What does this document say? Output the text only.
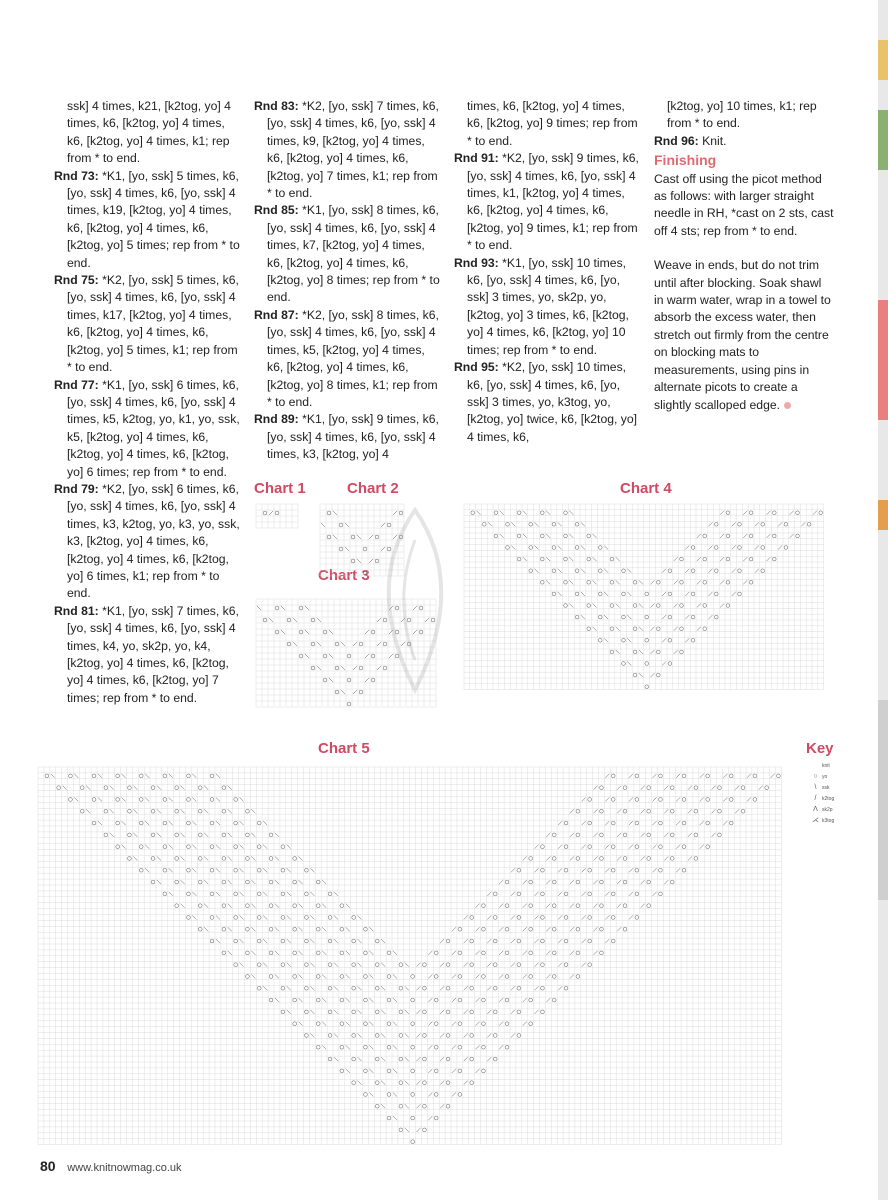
ssk] 4 times, k21, [k2tog, yo] 4 times, k6, [k2tog, yo] 4 times, k6, [k2tog, yo] 4 times, k1; rep from * to end.

Rnd 73: *K1, [yo, ssk] 5 times, k6, [yo, ssk] 4 times, k6, [yo, ssk] 4 times, k19, [k2tog, yo] 4 times, k6, [k2tog, yo] 4 times, k6, [k2tog, yo] 5 times; rep from * to end.

Rnd 75: *K2, [yo, ssk] 5 times, k6, [yo, ssk] 4 times, k6, [yo, ssk] 4 times, k17, [k2tog, yo] 4 times, k6, [k2tog, yo] 4 times, k6, [k2tog, yo] 5 times, k1; rep from * to end.

Rnd 77: *K1, [yo, ssk] 6 times, k6, [yo, ssk] 4 times, k6, [yo, ssk] 4 times, k5, k2tog, yo, k1, yo, ssk, k5, [k2tog, yo] 4 times, k6, [k2tog, yo] 4 times, k6, [k2tog, yo] 6 times; rep from * to end.

Rnd 79: *K2, [yo, ssk] 6 times, k6, [yo, ssk] 4 times, k6, [yo, ssk] 4 times, k3, k2tog, yo, k3, yo, ssk, k3, [k2tog, yo] 4 times, k6, [k2tog, yo] 4 times, k6, [k2tog, yo] 6 times, k1; rep from * to end.

Rnd 81: *K1, [yo, ssk] 7 times, k6, [yo, ssk] 4 times, k6, [yo, ssk] 4 times, k4, yo, sk2p, yo, k4, [k2tog, yo] 4 times, k6, [k2tog, yo] 4 times, k6, [k2tog, yo] 7 times; rep from * to end.

Rnd 83: *K2, [yo, ssk] 7 times, k6, [yo, ssk] 4 times, k6, [yo, ssk] 4 times, k9, [k2tog, yo] 4 times, k6, [k2tog, yo] 4 times, k6, [k2tog, yo] 7 times, k1; rep from * to end.

Rnd 85: *K1, [yo, ssk] 8 times, k6, [yo, ssk] 4 times, k6, [yo, ssk] 4 times, k7, [k2tog, yo] 4 times, k6, [k2tog, yo] 4 times, k6, [k2tog, yo] 8 times; rep from * to end.

Rnd 87: *K2, [yo, ssk] 8 times, k6, [yo, ssk] 4 times, k6, [yo, ssk] 4 times, k5, [k2tog, yo] 4 times, k6, [k2tog, yo] 4 times, k6, [k2tog, yo] 8 times, k1; rep from * to end.

Rnd 89: *K1, [yo, ssk] 9 times, k6, [yo, ssk] 4 times, k6, [yo, ssk] 4 times, k3, [k2tog, yo] 4

times, k6, [k2tog, yo] 4 times, k6, [k2tog, yo] 9 times; rep from * to end.

Rnd 91: *K2, [yo, ssk] 9 times, k6, [yo, ssk] 4 times, k6, [yo, ssk] 4 times, k1, [k2tog, yo] 4 times, k6, [k2tog, yo] 4 times, k6, [k2tog, yo] 9 times, k1; rep from * to end.

Rnd 93: *K1, [yo, ssk] 10 times, k6, [yo, ssk] 4 times, k6, [yo, ssk] 3 times, yo, sk2p, yo, [k2tog, yo] 3 times, k6, [k2tog, yo] 4 times, k6, [k2tog, yo] 10 times; rep from * to end.

Rnd 95: *K2, [yo, ssk] 10 times, k6, [yo, ssk] 4 times, k6, [yo, ssk] 3 times, yo, k3tog, yo, [k2tog, yo] twice, k6, [k2tog, yo] 4 times, k6,

[k2tog, yo] 10 times, k1; rep from * to end.

Rnd 96: Knit.

Finishing

Cast off using the picot method as follows: with larger straight needle in RH, *cast on 2 sts, cast off 4 sts; rep from * to end.

Weave in ends, but do not trim until after blocking. Soak shawl in warm water, wrap in a towel to absorb the excess water, then stretch out firmly from the centre on blocking mats to measurements, using pins in alternate picots to create a slightly scalloped edge.

Chart 1	Chart 2
Chart 3
Chart 4
Chart 5	Key
knit
○ yo
\	ssk
/	k2tog
Λ sk2p
⋌ k3tog
80 www.knitnowmag.co.uk
